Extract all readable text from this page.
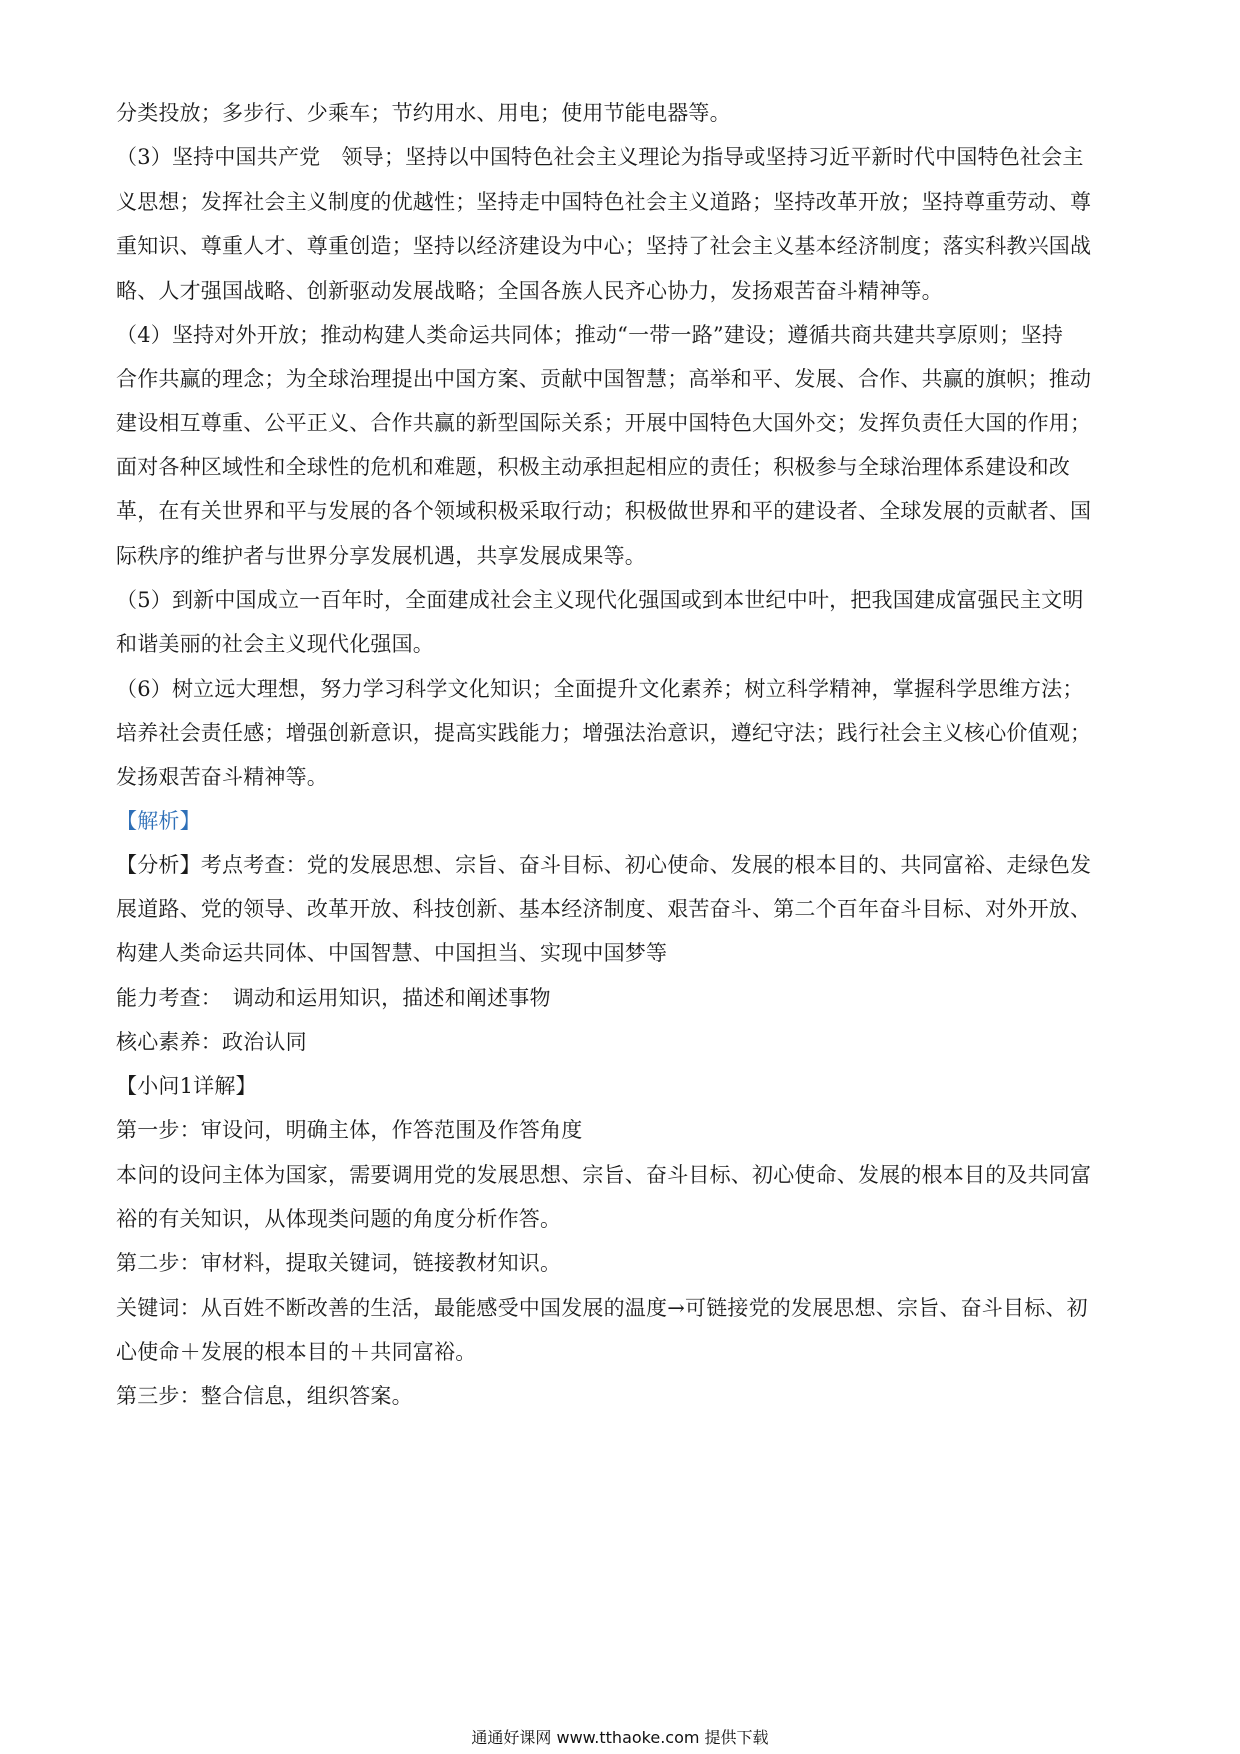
分类投放；多步行、少乘车；节约用水、用电；使用节能电器等。
（3）坚持中国共产党　领导；坚持以中国特色社会主义理论为指导或坚持习近平新时代中国特色社会主
义思想；发挥社会主义制度的优越性；坚持走中国特色社会主义道路；坚持改革开放；坚持尊重劳动、尊
重知识、尊重人才、尊重创造；坚持以经济建设为中心；坚持了社会主义基本经济制度；落实科教兴国战
略、人才强国战略、创新驱动发展战略；全国各族人民齐心协力，发扬艰苦奋斗精神等。
（4）坚持对外开放；推动构建人类命运共同体；推动“一带一路”建设；遵循共商共建共享原则；坚持
合作共赢的理念；为全球治理提出中国方案、贡献中国智慧；高举和平、发展、合作、共赢的旗帜；推动
建设相互尊重、公平正义、合作共赢的新型国际关系；开展中国特色大国外交；发挥负责任大国的作用；
面对各种区域性和全球性的危机和难题，积极主动承担起相应的责任；积极参与全球治理体系建设和改
革，在有关世界和平与发展的各个领域积极采取行动；积极做世界和平的建设者、全球发展的贡献者、国
际秩序的维护者与世界分享发展机遇，共享发展成果等。
（5）到新中国成立一百年时，全面建成社会主义现代化强国或到本世纪中叶，把我国建成富强民主文明
和谐美丽的社会主义现代化强国。
（6）树立远大理想，努力学习科学文化知识；全面提升文化素养；树立科学精神，掌握科学思维方法；
培养社会责任感；增强创新意识，提高实践能力；增强法治意识，遵纪守法；践行社会主义核心价值观；
发扬艰苦奋斗精神等。
【解析】
【分析】考点考查：党的发展思想、宗旨、奋斗目标、初心使命、发展的根本目的、共同富裕、走绿色发
展道路、党的领导、改革开放、科技创新、基本经济制度、艰苦奋斗、第二个百年奋斗目标、对外开放、
构建人类命运共同体、中国智慧、中国担当、实现中国梦等
能力考查：　调动和运用知识，描述和阐述事物
核心素养：政治认同
【小问1详解】
第一步：审设问，明确主体，作答范围及作答角度
本问的设问主体为国家，需要调用党的发展思想、宗旨、奋斗目标、初心使命、发展的根本目的及共同富
裕的有关知识，从体现类问题的角度分析作答。
第二步：审材料，提取关键词，链接教材知识。
关键词：从百姓不断改善的生活，最能感受中国发展的温度→可链接党的发展思想、宗旨、奋斗目标、初
心使命＋发展的根本目的＋共同富裕。
第三步：整合信息，组织答案。
通通好课网 www.tthaoke.com 提供下载
